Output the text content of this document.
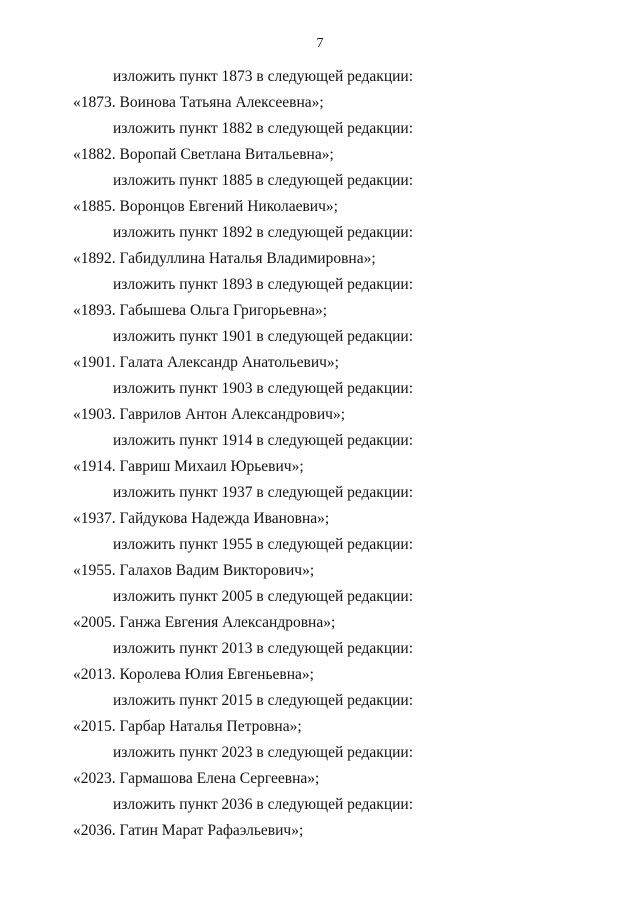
7
изложить пункт 1873 в следующей редакции:
«1873. Воинова Татьяна Алексеевна»;
изложить пункт 1882 в следующей редакции:
«1882. Воропай Светлана Витальевна»;
изложить пункт 1885 в следующей редакции:
«1885. Воронцов Евгений Николаевич»;
изложить пункт 1892 в следующей редакции:
«1892. Габидуллина Наталья Владимировна»;
изложить пункт 1893 в следующей редакции:
«1893. Габышева Ольга Григорьевна»;
изложить пункт 1901 в следующей редакции:
«1901. Галата Александр Анатольевич»;
изложить пункт 1903 в следующей редакции:
«1903. Гаврилов Антон Александрович»;
изложить пункт 1914 в следующей редакции:
«1914. Гавриш Михаил Юрьевич»;
изложить пункт 1937 в следующей редакции:
«1937. Гайдукова Надежда Ивановна»;
изложить пункт 1955 в следующей редакции:
«1955. Галахов Вадим Викторович»;
изложить пункт 2005 в следующей редакции:
«2005. Ганжа Евгения Александровна»;
изложить пункт 2013 в следующей редакции:
«2013. Королева Юлия Евгеньевна»;
изложить пункт 2015 в следующей редакции:
«2015. Гарбар Наталья Петровна»;
изложить пункт 2023 в следующей редакции:
«2023. Гармашова Елена Сергеевна»;
изложить пункт 2036 в следующей редакции:
«2036. Гатин Марат Рафаэльевич»;
